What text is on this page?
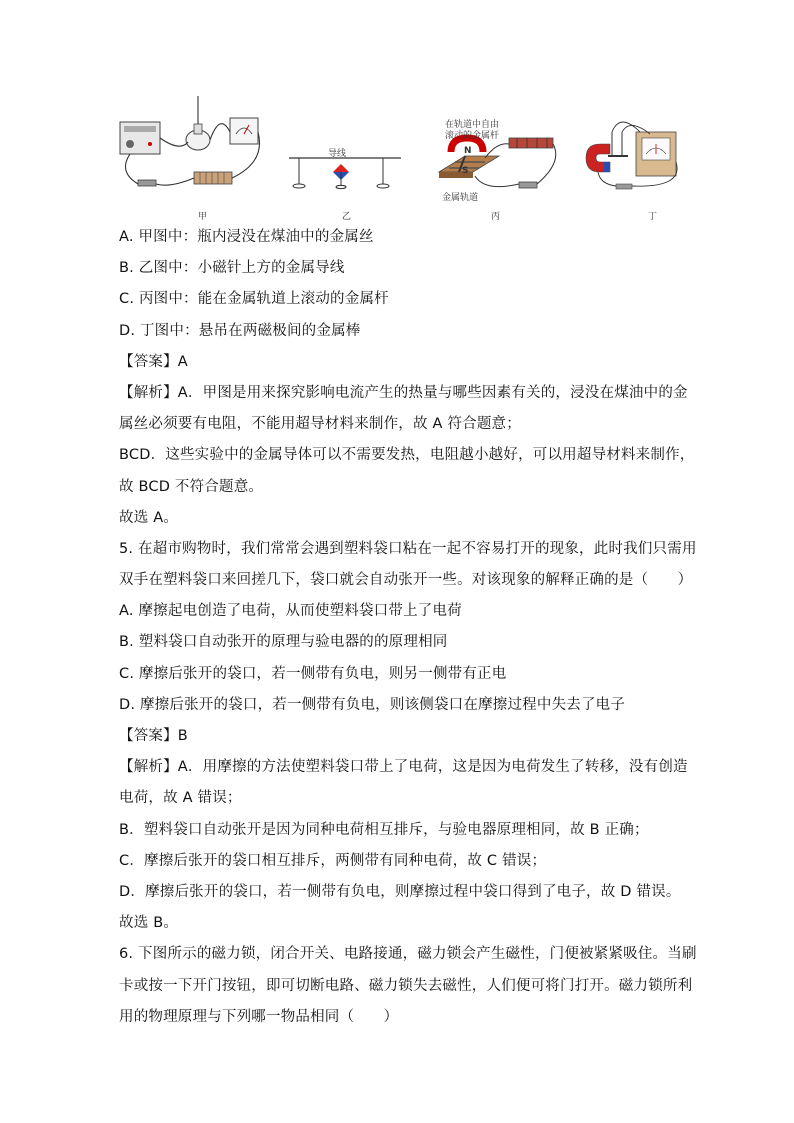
甲
导线
乙
在轨道中自由
滚动的金属杆
N
S
金属轨道
丙	丁
A. 甲图中：瓶内浸没在煤油中的金属丝
B. 乙图中：小磁针上方的金属导线
C. 丙图中：能在金属轨道上滚动的金属杆
D. 丁图中：悬吊在两磁极间的金属棒
【答案】A
【解析】A．甲图是用来探究影响电流产生的热量与哪些因素有关的，浸没在煤油中的金
属丝必须要有电阻，不能用超导材料来制作，故 A 符合题意；
BCD．这些实验中的金属导体可以不需要发热，电阻越小越好，可以用超导材料来制作，
故 BCD 不符合题意。
故选 A。
5. 在超市购物时，我们常常会遇到塑料袋口粘在一起不容易打开的现象，此时我们只需用
双手在塑料袋口来回搓几下，袋口就会自动张开一些。对该现象的解释正确的是（　　）
A. 摩擦起电创造了电荷，从而使塑料袋口带上了电荷
B. 塑料袋口自动张开的原理与验电器的的原理相同
C. 摩擦后张开的袋口，若一侧带有负电，则另一侧带有正电
D. 摩擦后张开的袋口，若一侧带有负电，则该侧袋口在摩擦过程中失去了电子
【答案】B
【解析】A．用摩擦的方法使塑料袋口带上了电荷，这是因为电荷发生了转移，没有创造
电荷，故 A 错误；
B．塑料袋口自动张开是因为同种电荷相互排斥，与验电器原理相同，故 B 正确；
C．摩擦后张开的袋口相互排斥，两侧带有同种电荷，故 C 错误；
D．摩擦后张开的袋口，若一侧带有负电，则摩擦过程中袋口得到了电子，故 D 错误。
故选 B。
6. 下图所示的磁力锁，闭合开关、电路接通，磁力锁会产生磁性，门便被紧紧吸住。当刷
卡或按一下开门按钮，即可切断电路、磁力锁失去磁性，人们便可将门打开。磁力锁所利
用的物理原理与下列哪一物品相同（　　）
